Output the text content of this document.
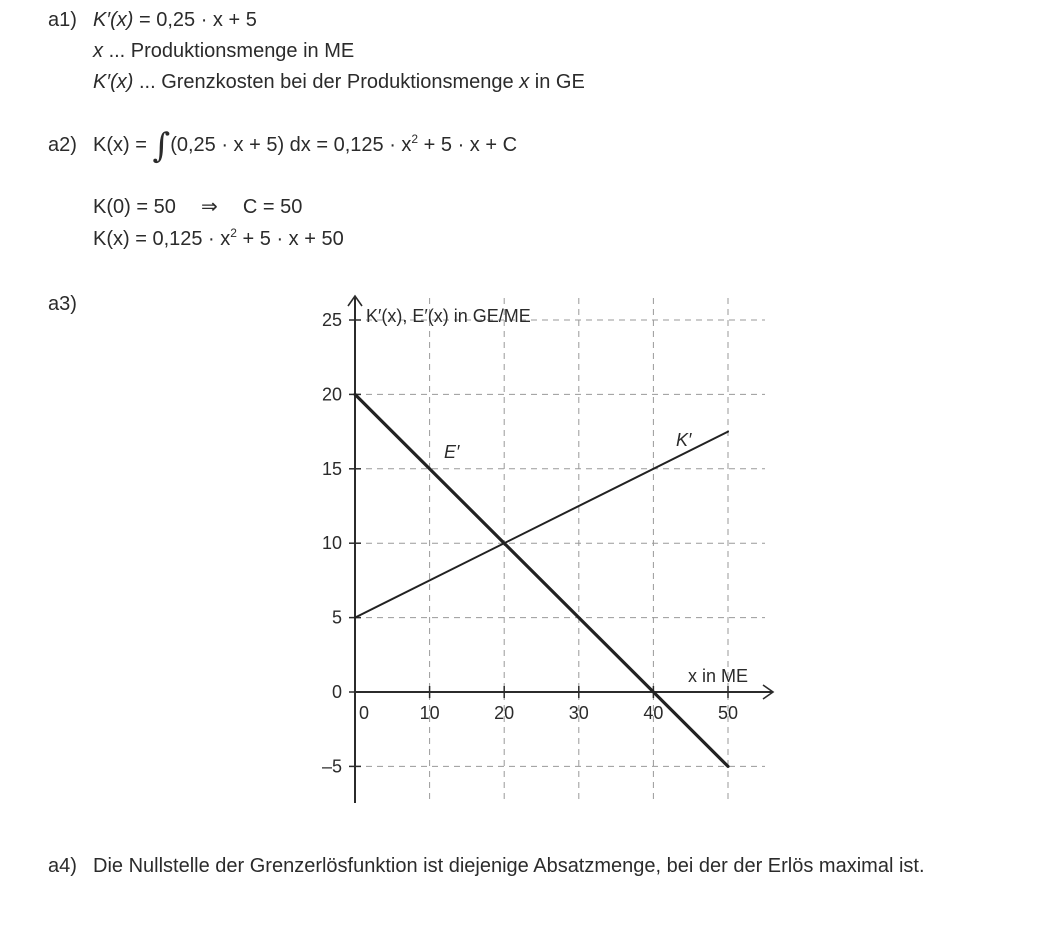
a1) K′(x) = 0,25 · x + 5
x ... Produktionsmenge in ME
K′(x) ... Grenzkosten bei der Produktionsmenge x in GE
a2) K(x) = ∫(0,25 · x + 5) dx = $0,125 \cdot x^2 + 5 \cdot x + C$
K(0) = 50 ⇒ C = 50
$K(x) = 0,125 \cdot x^2 + 5 \cdot x + 50$
a3)
–5
0
5
10
15
20
25
0	10	20	30	40	50
K′(x), E′(x) in GE/ME
x in ME
E′
K′
a4) Die Nullstelle der Grenzerlösfunktion ist diejenige Absatzmenge, bei der der Erlös maximal ist.
